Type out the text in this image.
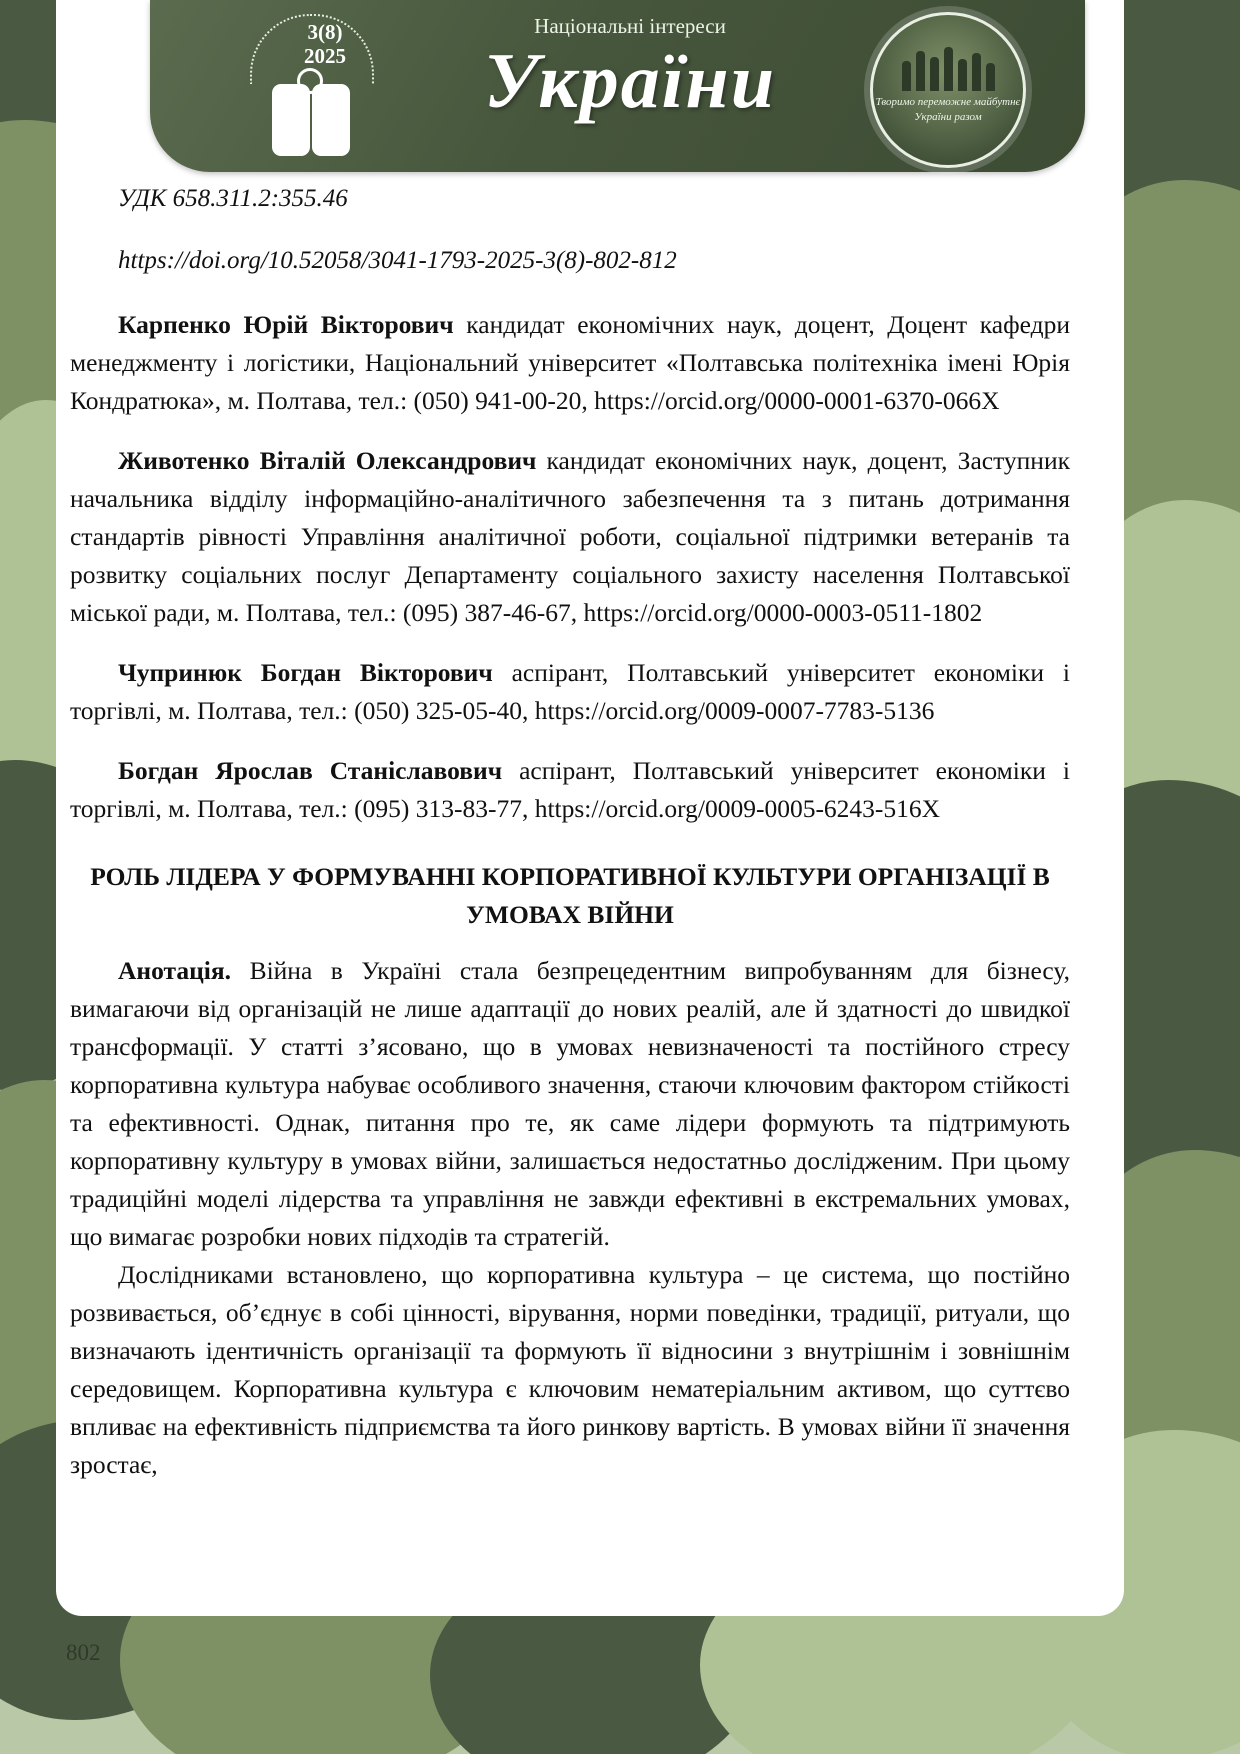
3(8)
2025
Національні інтереси
України	Творимо переможне майбутнє України разом

УДК 658.311.2:355.46

https://doi.org/10.52058/3041-1793-2025-3(8)-802-812

Карпенко Юрій Вікторович кандидат економічних наук, доцент, Доцент кафедри менеджменту і логістики, Національний університет «Полтавська політехніка імені Юрія Кондратюка», м. Полтава, тел.: (050) 941-00-20, https://orcid.org/0000-0001-6370-066X

Животенко Віталій Олександрович кандидат економічних наук, доцент, Заступник начальника відділу інформаційно-аналітичного забезпечення та з питань дотримання стандартів рівності Управління аналітичної роботи, соціальної підтримки ветеранів та розвитку соціальних послуг Департаменту соціального захисту населення Полтавської міської ради, м. Полтава, тел.: (095) 387-46-67, https://orcid.org/0000-0003-0511-1802

Чупринюк Богдан Вікторович аспірант, Полтавський університет економіки і торгівлі, м. Полтава, тел.: (050) 325-05-40, https://orcid.org/0009-0007-7783-5136

Богдан Ярослав Станіславович аспірант, Полтавський університет економіки і торгівлі, м. Полтава, тел.: (095) 313-83-77, https://orcid.org/0009-0005-6243-516X

РОЛЬ ЛІДЕРА У ФОРМУВАННІ КОРПОРАТИВНОЇ КУЛЬТУРИ ОРГАНІЗАЦІЇ В УМОВАХ ВІЙНИ

Анотація. Війна в Україні стала безпрецедентним випробуванням для бізнесу, вимагаючи від організацій не лише адаптації до нових реалій, але й здатності до швидкої трансформації. У статті з’ясовано, що в умовах невизначеності та постійного стресу корпоративна культура набуває особливого значення, стаючи ключовим фактором стійкості та ефективності. Однак, питання про те, як саме лідери формують та підтримують корпоративну культуру в умовах війни, залишається недостатньо дослідженим. При цьому традиційні моделі лідерства та управління не завжди ефективні в екстремальних умовах, що вимагає розробки нових підходів та стратегій.

Дослідниками встановлено, що корпоративна культура – це система, що постійно розвивається, об’єднує в собі цінності, вірування, норми поведінки, традиції, ритуали, що визначають ідентичність організації та формують її відносини з внутрішнім і зовнішнім середовищем. Корпоративна культура є ключовим нематеріальним активом, що суттєво впливає на ефективність підприємства та його ринкову вартість. В умовах війни її значення зростає,

802
